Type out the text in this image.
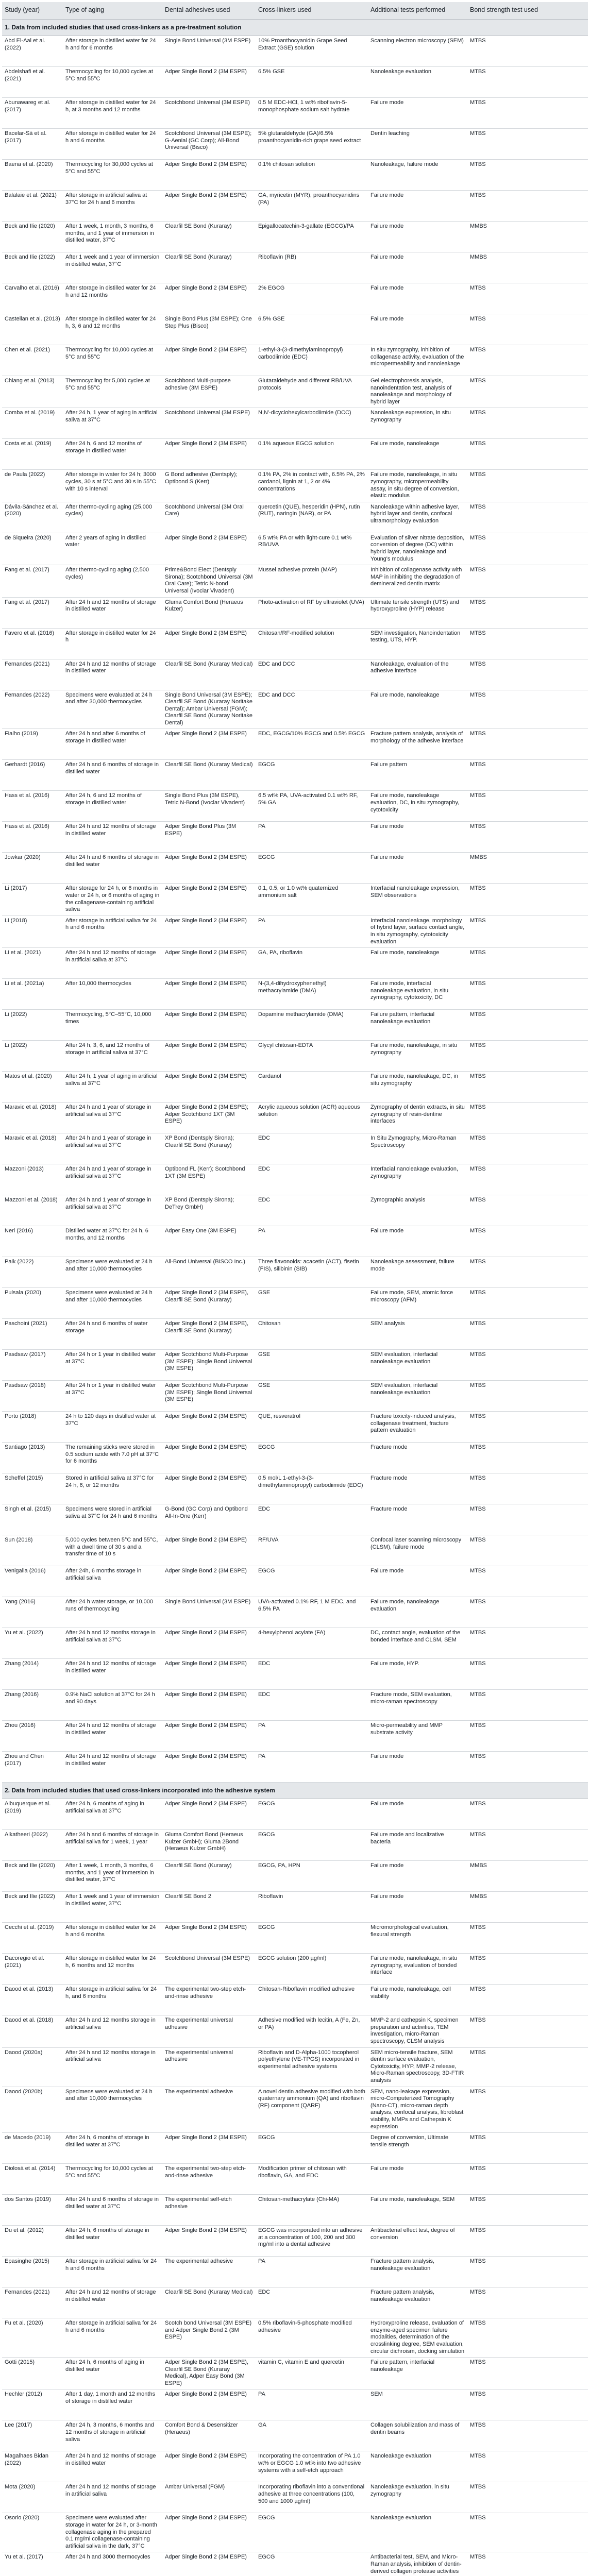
Study (year)	Type of aging	Dental adhesives used	Cross-linkers used	Additional tests performed	Bond strength test used
1. Data from included studies that used cross-linkers as a pre-treatment solution					
Abd El-Aal et al. (2022)	After storage in distilled water for 24 h and for 6 months	Single Bond Universal (3M ESPE)	10% Proanthocyanidin Grape Seed Extract (GSE) solution	Scanning electron microscopy (SEM)	MTBS
Abdelshafi et al. (2021)	Thermocycling for 10,000 cycles at 5°C and 55°C	Adper Single Bond 2 (3M ESPE)	6.5% GSE	Nanoleakage evaluation	MTBS
Abunawareg et al. (2017)	After storage in distilled water for 24 h, at 3 months and 12 months	Scotchbond Universal (3M ESPE)	0.5 M EDC-HCl, 1 wt% riboflavin-5-monophosphate sodium salt hydrate	Failure mode	MTBS
Bacelar-Sá et al. (2017)	After storage in distilled water for 24 h and 6 months	Scotchbond Universal (3M ESPE); G-Aenial (GC Corp); All-Bond Universal (Bisco)	5% glutaraldehyde (GA)/6.5% proanthocyanidin-rich grape seed extract	Dentin leaching	MTBS
Baena et al. (2020)	Thermocycling for 30,000 cycles at 5°C and 55°C	Adper Single Bond 2 (3M ESPE)	0.1% chitosan solution	Nanoleakage, failure mode	MTBS
Balalaie et al. (2021)	After storage in artificial saliva at 37°C for 24 h and 6 months	Adper Single Bond 2 (3M ESPE)	GA, myricetin (MYR), proanthocyanidins (PA)	Failure mode	MTBS
Beck and Ilie (2020)	After 1 week, 1 month, 3 months, 6 months, and 1 year of immersion in distilled water, 37°C	Clearfil SE Bond (Kuraray)	Epigallocatechin-3-gallate (EGCG)/PA	Failure mode	MMBS
Beck and Ilie (2022)	After 1 week and 1 year of immersion in distilled water, 37°C	Clearfil SE Bond (Kuraray)	Riboflavin (RB)	Failure mode	MMBS
Carvalho et al. (2016)	After storage in distilled water for 24 h and 12 months	Adper Single Bond 2 (3M ESPE)	2% EGCG	Failure mode	MTBS
Castellan et al. (2013)	After storage in distilled water for 24 h, 3, 6 and 12 months	Single Bond Plus (3M ESPE); One Step Plus (Bisco)	6.5% GSE	Failure mode	MTBS
Chen et al. (2021)	Thermocycling for 10,000 cycles at 5°C and 55°C	Adper Single Bond 2 (3M ESPE)	1-ethyl-3-(3-dimethylaminopropyl) carbodiimide (EDC)	In situ zymography, inhibition of collagenase activity, evaluation of the micropermeability and nanoleakage	MTBS
Chiang et al. (2013)	Thermocycling for 5,000 cycles at 5°C and 55°C	Scotchbond Multi-purpose adhesive (3M ESPE)	Glutaraldehyde and different RB/UVA protocols	Gel electrophoresis analysis, nanoindentation test, analysis of nanoleakage and morphology of hybrid layer	MTBS
Comba et al. (2019)	After 24 h, 1 year of aging in artificial saliva at 37°C	Scotchbond Universal (3M ESPE)	N,N'-dicyclohexylcarbodiimide (DCC)	Nanoleakage expression, in situ zymography	MTBS
Costa et al. (2019)	After 24 h, 6 and 12 months of storage in distilled water	Adper Single Bond 2 (3M ESPE)	0.1% aqueous EGCG solution	Failure mode, nanoleakage	MTBS
de Paula (2022)	After storage in water for 24 h; 3000 cycles, 30 s at 5°C and 30 s in 55°C with 10 s interval	G Bond adhesive (Dentsply); Optibond S (Kerr)	0.1% PA, 2% in contact with, 6.5% PA, 2% cardanol, lignin at 1, 2 or 4% concentrations	Failure mode, nanoleakage, in situ zymography, micropermeability assay, in situ degree of conversion, elastic modulus	MTBS
Dávila-Sánchez et al. (2020)	After thermo-cycling aging (25,000 cycles)	Scotchbond Universal (3M Oral Care)	quercetin (QUE), hesperidin (HPN), rutin (RUT), naringin (NAR), or PA	Nanoleakage within adhesive layer, hybrid layer and dentin, confocal ultramorphology evaluation	MTBS
de Siqueira (2020)	After 2 years of aging in distilled water	Adper Single Bond 2 (3M ESPE)	6.5 wt% PA or with light-cure 0.1 wt% RB/UVA	Evaluation of silver nitrate deposition, conversion of degree (DC) within hybrid layer, nanoleakage and Young's modulus	MTBS
Fang et al. (2017)	After thermo-cycling aging (2,500 cycles)	Prime&Bond Elect (Dentsply Sirona); Scotchbond Universal (3M Oral Care); Tetric N-bond Universal (Ivoclar Vivadent)	Mussel adhesive protein (MAP)	Inhibition of collagenase activity with MAP in inhibiting the degradation of demineralized dentin matrix	MTBS
Fang et al. (2017)	After 24 h and 12 months of storage in distilled water	Gluma Comfort Bond (Heraeus Kulzer)	Photo-activation of RF by ultraviolet (UVA)	Ultimate tensile strength (UTS) and hydroxyproline (HYP) release	MTBS
Favero et al. (2016)	After storage in distilled water for 24 h	Adper Single Bond 2 (3M ESPE)	Chitosan/RF-modified solution	SEM investigation, Nanoindentation testing, UTS, HYP.	MTBS
Fernandes (2021)	After 24 h and 12 months of storage in distilled water	Clearfil SE Bond (Kuraray Medical)	EDC and DCC	Nanoleakage, evaluation of the adhesive interface	MTBS
Fernandes (2022)	Specimens were evaluated at 24 h and after 30,000 thermocycles	Single Bond Universal (3M ESPE); Clearfil SE Bond (Kuraray Noritake Dental); Ambar Universal (FGM); Clearfil SE Bond (Kuraray Noritake Dental)	EDC and DCC	Failure mode, nanoleakage	MTBS
Fialho (2019)	After 24 h and after 6 months of storage in distilled water	Adper Single Bond 2 (3M ESPE)	EDC, EGCG/10% EGCG and 0.5% EGCG	Fracture pattern analysis, analysis of morphology of the adhesive interface	MTBS
Gerhardt (2016)	After 24 h and 6 months of storage in distilled water	Clearfil SE Bond (Kuraray Medical)	EGCG	Failure pattern	MTBS
Hass et al. (2016)	After 24 h, 6 and 12 months of storage in distilled water	Single Bond Plus (3M ESPE), Tetric N-Bond (Ivoclar Vivadent)	6.5 wt% PA, UVA-activated 0.1 wt% RF, 5% GA	Failure mode, nanoleakage evaluation, DC, in situ zymography, cytotoxicity	MTBS
Hass et al. (2016)	After 24 h and 12 months of storage in distilled water	Adper Single Bond Plus (3M ESPE)	PA	Failure mode	MTBS
Jowkar (2020)	After 24 h and 6 months of storage in distilled water	Adper Single Bond 2 (3M ESPE)	EGCG	Failure mode	MMBS
Li (2017)	After storage for 24 h, or 6 months in water or 24 h, or 6 months of aging in the collagenase-containing artificial saliva	Adper Single Bond 2 (3M ESPE)	0.1, 0.5, or 1.0 wt% quaternized ammonium salt	Interfacial nanoleakage expression, SEM observations	MTBS
Li (2018)	After storage in artificial saliva for 24 h and 6 months	Adper Single Bond 2 (3M ESPE)	PA	Interfacial nanoleakage, morphology of hybrid layer, surface contact angle, in situ zymography, cytotoxicity evaluation	MTBS
Li et al. (2021)	After 24 h and 12 months of storage in artificial saliva at 37°C	Adper Single Bond 2 (3M ESPE)	GA, PA, riboflavin	Failure mode, nanoleakage	MTBS
Li et al. (2021a)	After 10,000 thermocycles	Adper Single Bond 2 (3M ESPE)	N-(3,4-dihydroxyphenethyl) methacrylamide (DMA)	Failure mode, interfacial nanoleakage evaluation, in situ zymography, cytotoxicity, DC	MTBS
Li (2022)	Thermocycling, 5°C–55°C, 10,000 times	Adper Single Bond 2 (3M ESPE)	Dopamine methacrylamide (DMA)	Failure pattern, interfacial nanoleakage evaluation	MTBS
Li (2022)	After 24 h, 3, 6, and 12 months of storage in artificial saliva at 37°C	Adper Single Bond 2 (3M ESPE)	Glycyl chitosan-EDTA	Failure mode, nanoleakage, in situ zymography	MTBS
Matos et al. (2020)	After 24 h, 1 year of aging in artificial saliva at 37°C	Adper Single Bond 2 (3M ESPE)	Cardanol	Failure mode, nanoleakage, DC, in situ zymography	MTBS
Maravic et al. (2018)	After 24 h and 1 year of storage in artificial saliva at 37°C	Adper Single Bond 2 (3M ESPE); Adper Scotchbond 1XT (3M ESPE)	Acrylic aqueous solution (ACR) aqueous solution	Zymography of dentin extracts, in situ zymography of resin-dentine interfaces	MTBS
Maravic et al. (2018)	After 24 h and 1 year of storage in artificial saliva at 37°C	XP Bond (Dentsply Sirona); Clearfil SE Bond (Kuraray)	EDC	In Situ Zymography, Micro-Raman Spectroscopy	MTBS
Mazzoni (2013)	After 24 h and 1 year of storage in artificial saliva at 37°C	Optibond FL (Kerr); Scotchbond 1XT (3M ESPE)	EDC	Interfacial nanoleakage evaluation, zymography	MTBS
Mazzoni et al. (2018)	After 24 h and 1 year of storage in artificial saliva at 37°C	XP Bond (Dentsply Sirona); DeTrey GmbH)	EDC	Zymographic analysis	MTBS
Neri (2016)	Distilled water at 37°C for 24 h, 6 months, and 12 months	Adper Easy One (3M ESPE)	PA	Failure mode	MTBS
Paik (2022)	Specimens were evaluated at 24 h and after 10,000 thermocycles	All-Bond Universal (BISCO Inc.)	Three flavonoids: acacetin (ACT), fisetin (FIS), silibinin (SIB)	Nanoleakage assessment, failure mode	MTBS
Pulsala (2020)	Specimens were evaluated at 24 h and after 10,000 thermocycles	Adper Single Bond 2 (3M ESPE), Clearfil SE Bond (Kuraray)	GSE	Failure mode, SEM, atomic force microscopy (AFM)	MTBS
Paschoini (2021)	After 24 h and 6 months of water storage	Adper Single Bond 2 (3M ESPE), Clearfil SE Bond (Kuraray)	Chitosan	SEM analysis	MTBS
Pasdsaw (2017)	After 24 h or 1 year in distilled water at 37°C	Adper Scotchbond Multi-Purpose (3M ESPE); Single Bond Universal (3M ESPE)	GSE	SEM evaluation, interfacial nanoleakage evaluation	MTBS
Pasdsaw (2018)	After 24 h or 1 year in distilled water at 37°C	Adper Scotchbond Multi-Purpose (3M ESPE); Single Bond Universal (3M ESPE)	GSE	SEM evaluation, interfacial nanoleakage evaluation	MTBS
Porto (2018)	24 h to 120 days in distilled water at 37°C	Adper Single Bond 2 (3M ESPE)	QUE, resveratrol	Fracture toxicity-induced analysis, collagenase treatment, fracture pattern evaluation	MTBS
Santiago (2013)	The remaining sticks were stored in 0.5 sodium azide with 7.0 pH at 37°C for 6 months	Adper Single Bond 2 (3M ESPE)	EGCG	Fracture mode	MTBS
Scheffel (2015)	Stored in artificial saliva at 37°C for 24 h, 6, or 12 months	Adper Single Bond 2 (3M ESPE)	0.5 mol/L 1-ethyl-3-(3-dimethylaminopropyl) carbodiimide (EDC)	Fracture mode	MTBS
Singh et al. (2015)	Specimens were stored in artificial saliva at 37°C for 24 h and 6 months	G-Bond (GC Corp) and Optibond All-In-One (Kerr)	EDC	Fracture mode	MTBS
Sun (2018)	5,000 cycles between 5°C and 55°C, with a dwell time of 30 s and a transfer time of 10 s	Adper Single Bond 2 (3M ESPE)	RF/UVA	Confocal laser scanning microscopy (CLSM), failure mode	MTBS
Venigalla (2016)	After 24h, 6 months storage in artificial saliva	Adper Single Bond 2 (3M ESPE)	EGCG	Failure mode	MTBS
Yang (2016)	After 24 h water storage, or 10,000 runs of thermocycling	Single Bond Universal (3M ESPE)	UVA-activated 0.1% RF, 1 M EDC, and 6.5% PA	Failure mode, nanoleakage evaluation	MTBS
Yu et al. (2022)	After 24 h and 12 months storage in artificial saliva at 37°C	Adper Single Bond 2 (3M ESPE)	4-hexylphenol acylate (FA)	DC, contact angle, evaluation of the bonded interface and CLSM, SEM	MTBS
Zhang (2014)	After 24 h and 12 months of storage in distilled water	Adper Single Bond 2 (3M ESPE)	EDC	Failure mode, HYP.	MTBS
Zhang (2016)	0.9% NaCl solution at 37°C for 24 h and 90 days	Adper Single Bond 2 (3M ESPE)	EDC	Fracture mode, SEM evaluation, micro-raman spectroscopy	MTBS
Zhou (2016)	After 24 h and 12 months of storage in distilled water	Adper Single Bond 2 (3M ESPE)	PA	Micro-permeability and MMP substrate activity	MTBS
Zhou and Chen (2017)	After 24 h and 12 months of storage in distilled water	Adper Single Bond 2 (3M ESPE)	PA	Failure mode	MTBS
2. Data from included studies that used cross-linkers incorporated into the adhesive system					
Albuquerque et al. (2019)	After 24 h, 6 months of aging in artificial saliva at 37°C	Adper Single Bond 2 (3M ESPE)	EGCG	Failure mode	MTBS
Alkatheeri (2022)	After 24 h and 6 months of storage in artificial saliva for 1 week, 1 year	Gluma Comfort Bond (Heraeus Kulzer GmbH); Gluma 2Bond (Heraeus Kulzer GmbH)	EGCG	Failure mode and localizative bacteria	MTBS
Beck and Ilie (2020)	After 1 week, 1 month, 3 months, 6 months, and 1 year of immersion in distilled water, 37°C	Clearfil SE Bond (Kuraray)	EGCG, PA, HPN	Failure mode	MMBS
Beck and Ilie (2022)	After 1 week and 1 year of immersion in distilled water, 37°C	Clearfil SE Bond 2	Riboflavin	Failure mode	MMBS
Cecchi et al. (2019)	After storage in distilled water for 24 h and 6 months	Adper Single Bond 2 (3M ESPE)	EGCG	Micromorphological evaluation, flexural strength	MTBS
Dacoregio et al. (2021)	After storage in distilled water for 24 h, 6 months and 12 months	Scotchbond Universal (3M ESPE)	EGCG solution (200 µg/ml)	Failure mode, nanoleakage, in situ zymography, evaluation of bonded interface	MTBS
Daood et al. (2013)	After storage in artificial saliva for 24 h, and 6 months	The experimental two-step etch-and-rinse adhesive	Chitosan-Riboflavin modified adhesive	Failure mode, nanoleakage, cell viability	MTBS
Daood et al. (2018)	After 24 h and 12 months storage in artificial saliva	The experimental universal adhesive	Adhesive modified with lecitin, A (Fe, Zn, or PA)	MMP-2 and cathepsin K, specimen preparation and activities, TEM investigation, micro-Raman spectroscopy, CLSM analysis	MTBS
Daood (2020a)	After 24 h and 12 months storage in artificial saliva	The experimental universal adhesive	Riboflavin and D-Alpha-1000 tocopherol polyethylene (VE-TPGS) incorporated in experimental adhesive systems	SEM micro-tensile fracture, SEM dentin surface evaluation, Cytotoxicity, HYP, MMP-2 release, Micro-Raman spectroscopy, 3D-FTIR analysis	MTBS
Daood (2020b)	Specimens were evaluated at 24 h and after 10,000 thermocycles	The experimental adhesive	A novel dentin adhesive modified with both quaternary ammonium (QA) and riboflavin (RF) component (QARF)	SEM, nano-leakage expression, micro-Computerized Tomography (Nano-CT), micro-raman depth analysis, confocal analysis, fibroblast viability, MMPs and Cathepsin K expression	MTBS
de Macedo (2019)	After 24 h, 6 months of storage in distilled water at 37°C	Adper Single Bond 2 (3M ESPE)	EGCG	Degree of conversion, Ultimate tensile strength	MTBS
Diolosà et al. (2014)	Thermocycling for 10,000 cycles at 5°C and 55°C	The experimental two-step etch-and-rinse adhesive	Modification primer of chitosan with riboflavin, GA, and EDC	Failure mode	MTBS
dos Santos (2019)	After 24 h and 6 months of storage in distilled water at 37°C	The experimental self-etch adhesive	Chitosan-methacrylate (Chi-MA)	Failure mode, nanoleakage, SEM	MTBS
Du et al. (2012)	After 24 h, 6 months of storage in distilled water	Adper Single Bond 2 (3M ESPE)	EGCG was incorporated into an adhesive at a concentration of 100, 200 and 300 mg/ml into a dental adhesive	Antibacterial effect test, degree of conversion	MTBS
Epasinghe (2015)	After storage in artificial saliva for 24 h and 6 months	The experimental adhesive	PA	Fracture pattern analysis, nanoleakage evaluation	MTBS
Fernandes (2021)	After 24 h and 12 months of storage in distilled water	Clearfil SE Bond (Kuraray Medical)	EDC	Fracture pattern analysis, nanoleakage evaluation	MTBS
Fu et al. (2020)	After storage in artificial saliva for 24 h and 6 months	Scotch bond Universal (3M ESPE) and Adper Single Bond 2 (3M ESPE)	0.5% riboflavin-5-phosphate modified adhesive	Hydroxyproline release, evaluation of enzyme-aged specimen failure modalities, determination of the crosslinking degree, SEM evaluation, circular dichroism, docking simulation	MTBS
Gotti (2015)	After 24 h, 6 months of aging in distilled water	Adper Single Bond 2 (3M ESPE), Clearfil SE Bond (Kuraray Medical), Adper Easy Bond (3M ESPE)	vitamin C, vitamin E and quercetin	Failure pattern, interfacial nanoleakage	MTBS
Hechler (2012)	After 1 day, 1 month and 12 months of storage in distilled water	Adper Single Bond 2 (3M ESPE)	PA	SEM	MTBS
Lee (2017)	After 24 h, 3 months, 6 months and 12 months of storage in artificial saliva	Comfort Bond & Desensitizer (Heraeus)	GA	Collagen solubilization and mass of dentin beams	MTBS
Magalhaes Bidan (2022)	After 24 h and 12 months of storage in distilled water	Adper Single Bond 2 (3M ESPE)	Incorporating the concentration of PA 1.0 wt% or EGCG 1.0 wt% into two adhesive systems with a self-etch approach	Nanoleakage evaluation	MTBS
Mota (2020)	After 24 h and 12 months of storage in artificial saliva	Ambar Universal (FGM)	Incorporating riboflavin into a conventional adhesive at three concentrations (100, 500 and 1000 µg/ml)	Nanoleakage evaluation, in situ zymography	MTBS
Osorio (2020)	Specimens were evaluated after storage in water for 24 h, or 3-month collagenase aging in the prepared 0.1 mg/ml collagenase-containing artificial saliva in the dark, 37°C	Adper Single Bond 2 (3M ESPE)	EGCG	Nanoleakage evaluation	MTBS
Yu et al. (2017)	After 24 h and 3000 thermocycles	Adper Single Bond 2 (3M ESPE)	EGCG	Antibacterial test, SEM, and Micro-Raman analysis, inhibition of dentin-derived collagen protease activities	MTBS
